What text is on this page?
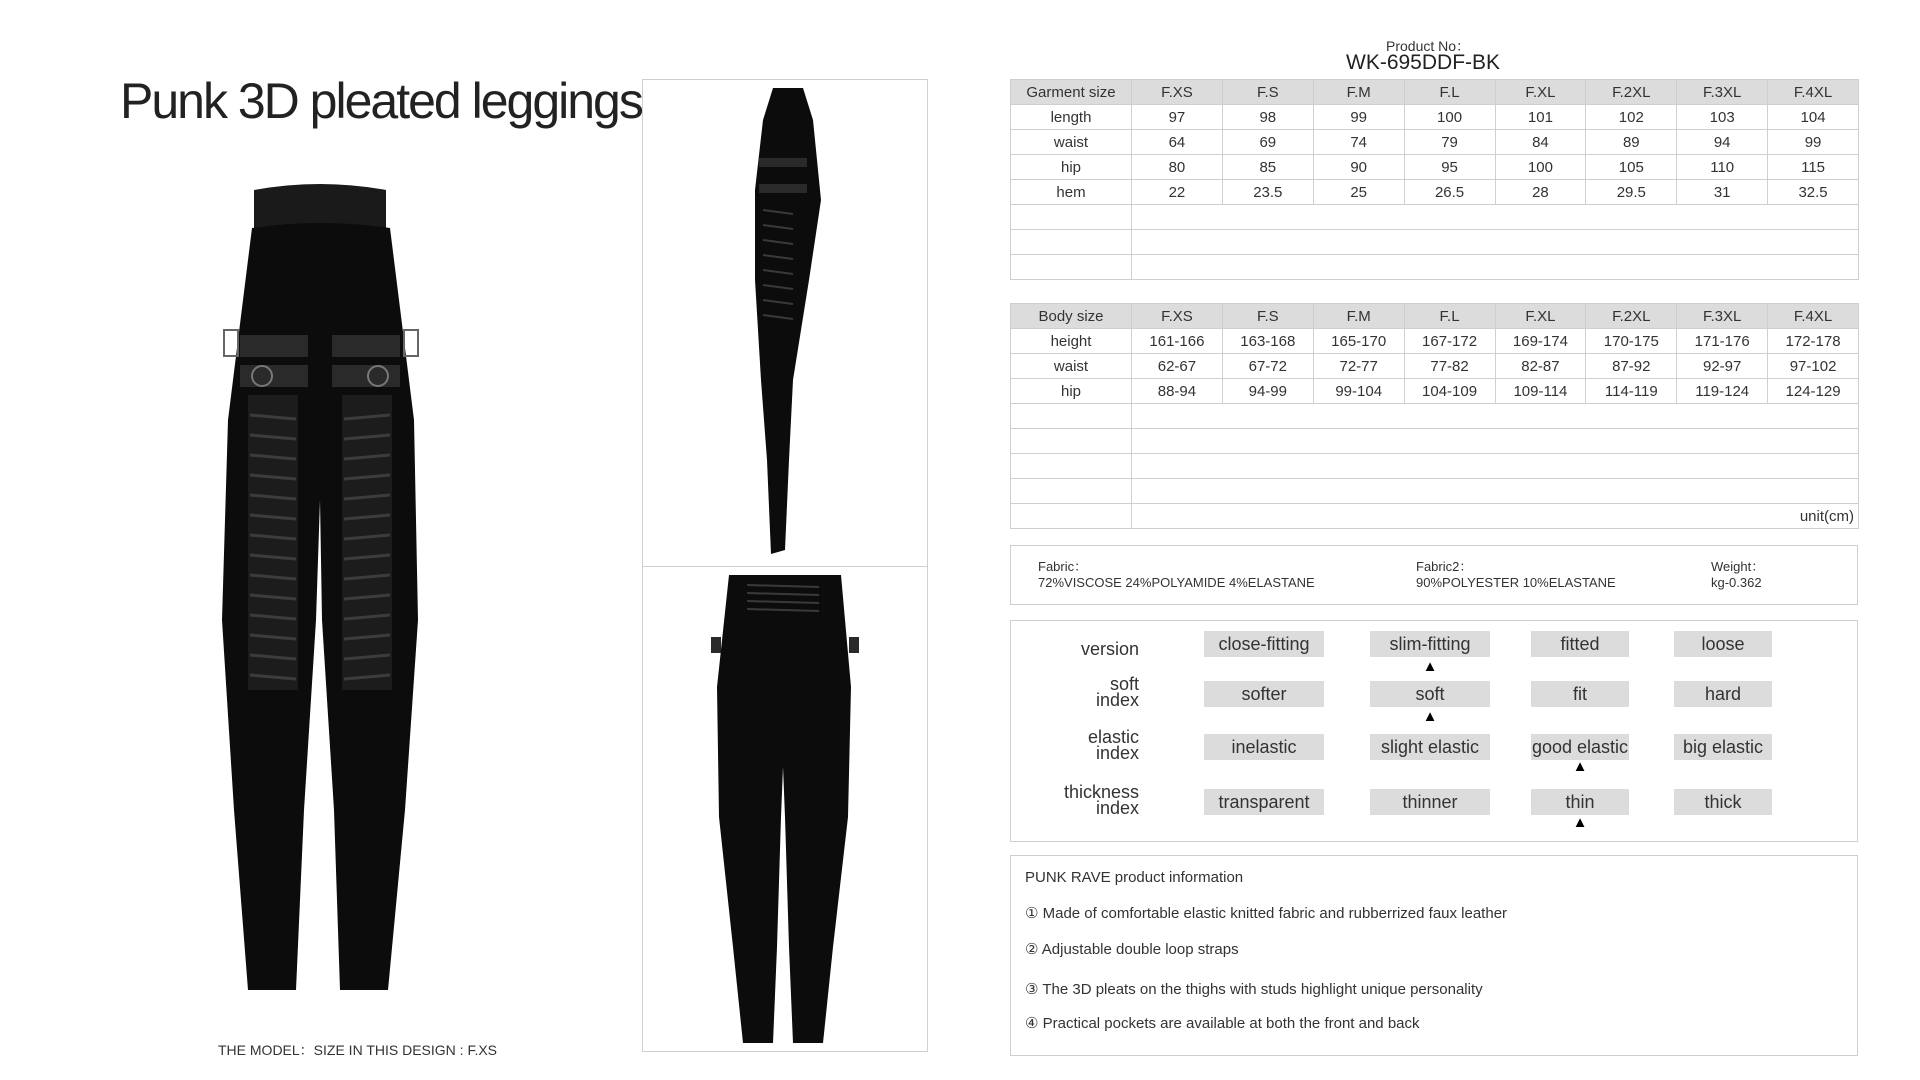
Punk 3D pleated leggings
THE MODEL：SIZE IN THIS DESIGN : F.XS
Product No：
WK-695DDF-BK
Garment size	F.XS	F.S	F.M	F.L	F.XL	F.2XL	F.3XL	F.4XL
length	97	98	99	100	101	102	103	104
waist	64	69	74	79	84	89	94	99
hip	80	85	90	95	100	105	110	115
hem	22	23.5	25	26.5	28	29.5	31	32.5

Body size	F.XS	F.S	F.M	F.L	F.XL	F.2XL	F.3XL	F.4XL
height	161-166	163-168	165-170	167-172	169-174	170-175	171-176	172-178
waist	62-67	67-72	72-77	77-82	82-87	87-92	92-97	97-102
hip	88-94	94-99	99-104	104-109	109-114	114-119	119-124	124-129

	unit(cm)							
Fabric：
72%VISCOSE 24%POLYAMIDE 4%ELASTANE
Fabric2：
90%POLYESTER 10%ELASTANE
Weight：
kg-0.362
version	close-fitting	slim-fitting	fitted	loose
▲
soft
index	softer	soft	fit	hard
▲
elastic
index	inelastic	slight elastic	good elastic	big elastic
▲
thickness
index	transparent	thinner	thin	thick
▲
PUNK RAVE product information
① Made of comfortable elastic knitted fabric and rubberrized faux leather
② Adjustable double loop straps
③ The 3D pleats on the thighs with studs highlight unique personality
④ Practical pockets are available at both the front and back
